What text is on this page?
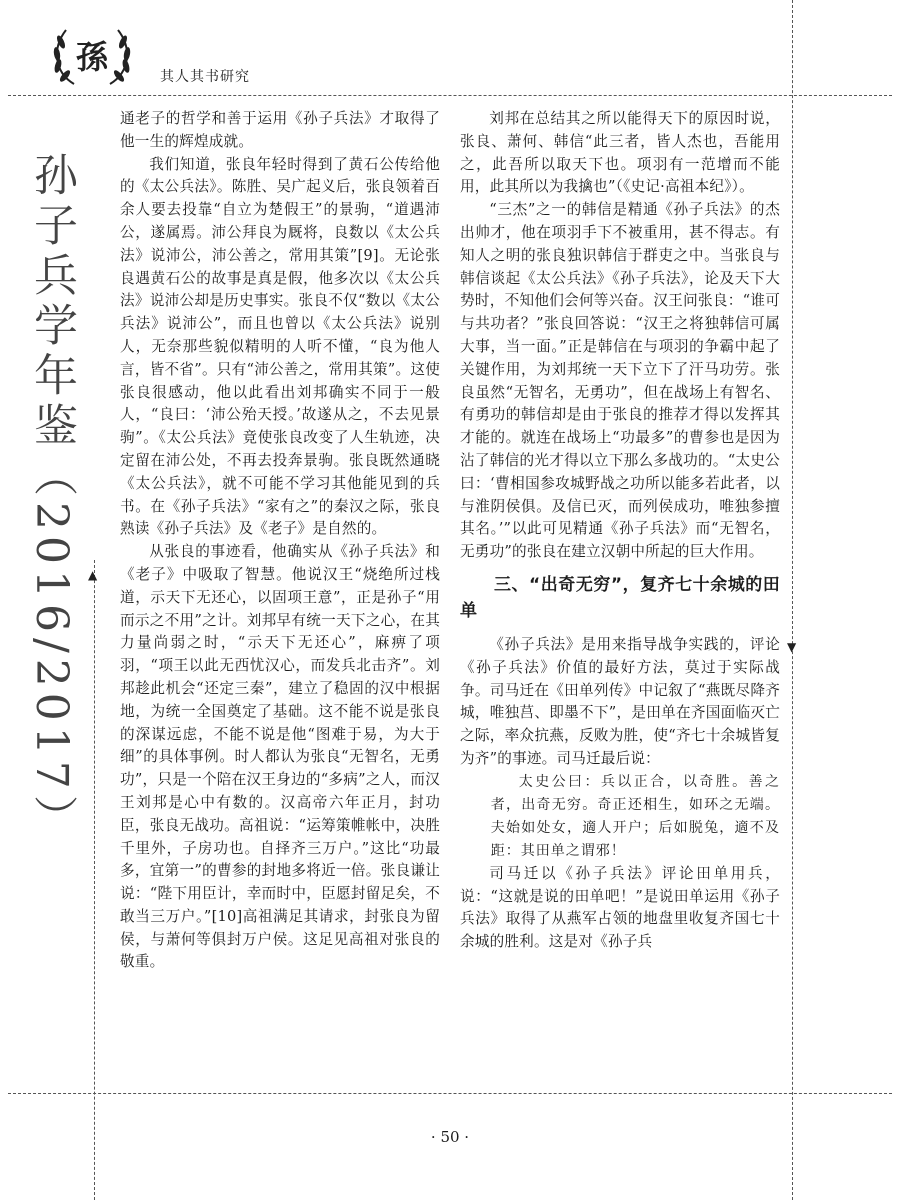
孫
其人其书研究
孙子兵学年鉴（2016/2017） ▲
▼

通老子的哲学和善于运用《孙子兵法》才取得了他一生的辉煌成就。

我们知道，张良年轻时得到了黄石公传给他的《太公兵法》。陈胜、吴广起义后，张良领着百余人要去投靠“自立为楚假王”的景驹，“道遇沛公，遂属焉。沛公拜良为厩将，良数以《太公兵法》说沛公，沛公善之，常用其策”[9]。无论张良遇黄石公的故事是真是假，他多次以《太公兵法》说沛公却是历史事实。张良不仅“数以《太公兵法》说沛公”，而且也曾以《太公兵法》说别人，无奈那些貌似精明的人听不懂，“良为他人言，皆不省”。只有“沛公善之，常用其策”。这使张良很感动，他以此看出刘邦确实不同于一般人，“良曰：‘沛公殆天授。’故遂从之，不去见景驹”。《太公兵法》竟使张良改变了人生轨迹，决定留在沛公处，不再去投奔景驹。张良既然通晓《太公兵法》，就不可能不学习其他能见到的兵书。在《孙子兵法》“家有之”的秦汉之际，张良熟读《孙子兵法》及《老子》是自然的。

从张良的事迹看，他确实从《孙子兵法》和《老子》中吸取了智慧。他说汉王“烧绝所过栈道，示天下无还心，以固项王意”，正是孙子“用而示之不用”之计。刘邦早有统一天下之心，在其力量尚弱之时，“示天下无还心”，麻痹了项羽，“项王以此无西忧汉心，而发兵北击齐”。刘邦趁此机会“还定三秦”，建立了稳固的汉中根据地，为统一全国奠定了基础。这不能不说是张良的深谋远虑，不能不说是他“图难于易，为大于细”的具体事例。时人都认为张良“无智名，无勇功”，只是一个陪在汉王身边的“多病”之人，而汉王刘邦是心中有数的。汉高帝六年正月，封功臣，张良无战功。高祖说：“运筹策帷帐中，决胜千里外，子房功也。自择齐三万户。”这比“功最多，宜第一”的曹参的封地多将近一倍。张良谦让说：“陛下用臣计，幸而时中，臣愿封留足矣，不敢当三万户。”[10]高祖满足其请求，封张良为留侯，与萧何等俱封万户侯。这足见高祖对张良的敬重。

刘邦在总结其之所以能得天下的原因时说，张良、萧何、韩信“此三者，皆人杰也，吾能用之，此吾所以取天下也。项羽有一范增而不能用，此其所以为我擒也”（《史记·高祖本纪》）。

“三杰”之一的韩信是精通《孙子兵法》的杰出帅才，他在项羽手下不被重用，甚不得志。有知人之明的张良独识韩信于群吏之中。当张良与韩信谈起《太公兵法》《孙子兵法》，论及天下大势时，不知他们会何等兴奋。汉王问张良：“谁可与共功者？”张良回答说：“汉王之将独韩信可属大事，当一面。”正是韩信在与项羽的争霸中起了关键作用，为刘邦统一天下立下了汗马功劳。张良虽然“无智名，无勇功”，但在战场上有智名、有勇功的韩信却是由于张良的推荐才得以发挥其才能的。就连在战场上“功最多”的曹参也是因为沾了韩信的光才得以立下那么多战功的。“太史公曰：‘曹相国参攻城野战之功所以能多若此者，以与淮阴侯俱。及信已灭，而列侯成功，唯独参擅其名。’”以此可见精通《孙子兵法》而“无智名，无勇功”的张良在建立汉朝中所起的巨大作用。

三、“出奇无穷”，复齐七十余城的田单

《孙子兵法》是用来指导战争实践的，评论《孙子兵法》价值的最好方法，莫过于实际战争。司马迁在《田单列传》中记叙了“燕既尽降齐城，唯独莒、即墨不下”，是田单在齐国面临灭亡之际，率众抗燕，反败为胜，使“齐七十余城皆复为齐”的事迹。司马迁最后说：

太史公曰：兵以正合，以奇胜。善之者，出奇无穷。奇正还相生，如环之无端。夫始如处女，適人开户；后如脱兔，適不及距：其田单之谓邪！

司马迁以《孙子兵法》评论田单用兵，说：“这就是说的田单吧！”是说田单运用《孙子兵法》取得了从燕军占领的地盘里收复齐国七十余城的胜利。这是对《孙子兵

· 50 ·
